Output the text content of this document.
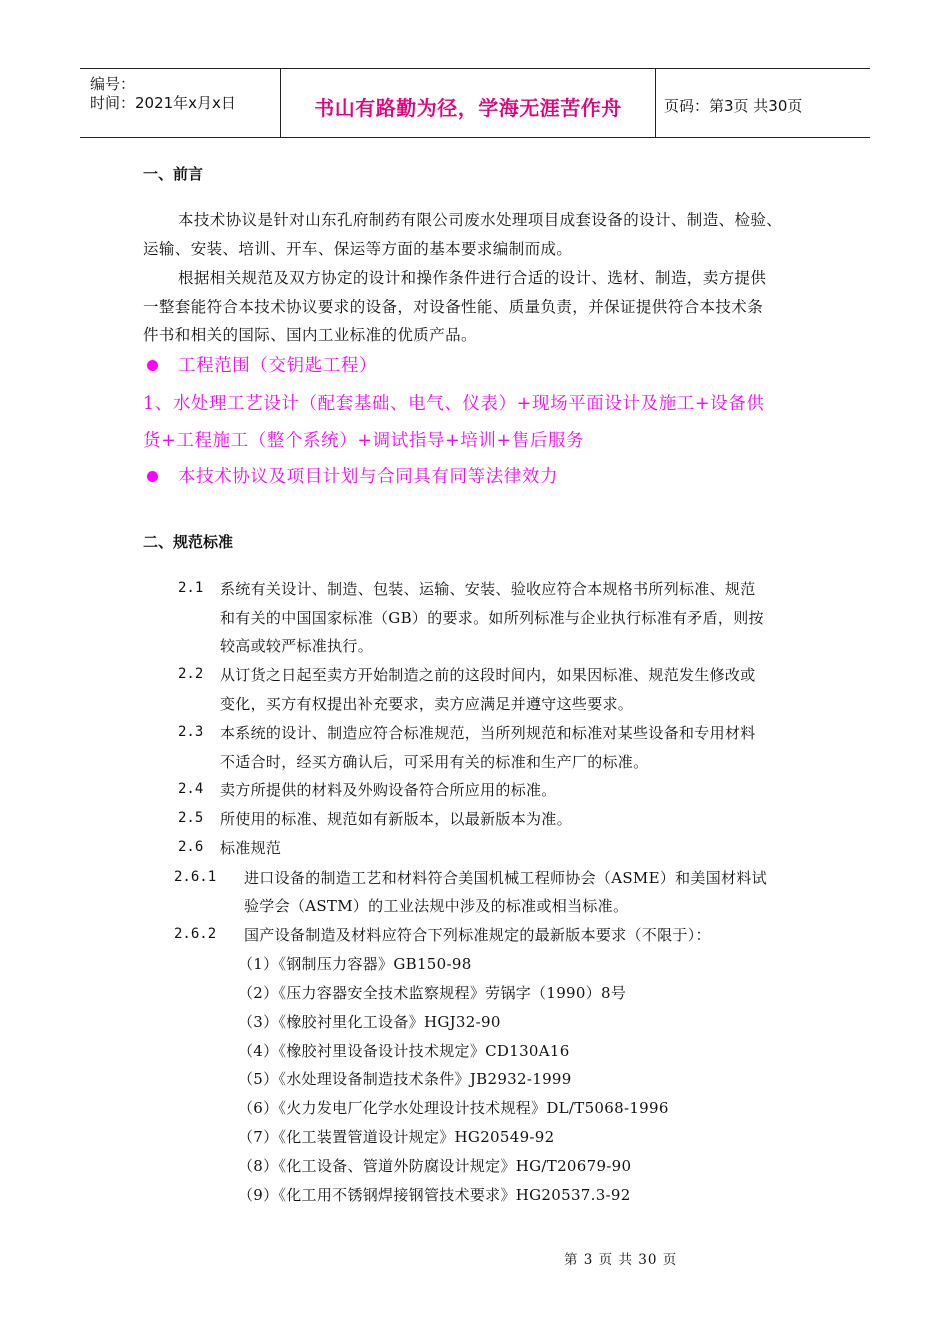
编号：
时间：2021年x月x日	书山有路勤为径，学海无涯苦作舟	页码：第3页 共30页
一、前言
本技术协议是针对山东孔府制药有限公司废水处理项目成套设备的设计、制造、检验、
运输、安装、培训、开车、保运等方面的基本要求编制而成。
根据相关规范及双方协定的设计和操作条件进行合适的设计、选材、制造，卖方提供
一整套能符合本技术协议要求的设备，对设备性能、质量负责，并保证提供符合本技术条
件书和相关的国际、国内工业标准的优质产品。
工程范围（交钥匙工程）
1、水处理工艺设计（配套基础、电气、仪表）+现场平面设计及施工+设备供
货+工程施工（整个系统）+调试指导+培训+售后服务
本技术协议及项目计划与合同具有同等法律效力
二、规范标准
2.1 系统有关设计、制造、包装、运输、安装、验收应符合本规格书所列标准、规范
和有关的中国国家标准（GB）的要求。如所列标准与企业执行标准有矛盾，则按
较高或较严标准执行。
2.2 从订货之日起至卖方开始制造之前的这段时间内，如果因标准、规范发生修改或
变化，买方有权提出补充要求，卖方应满足并遵守这些要求。
2.3 本系统的设计、制造应符合标准规范，当所列规范和标准对某些设备和专用材料
不适合时，经买方确认后，可采用有关的标准和生产厂的标准。
2.4 卖方所提供的材料及外购设备符合所应用的标准。
2.5 所使用的标准、规范如有新版本，以最新版本为准。
2.6 标准规范
2.6.1 进口设备的制造工艺和材料符合美国机械工程师协会（ASME）和美国材料试
验学会（ASTM）的工业法规中涉及的标准或相当标准。
2.6.2 国产设备制造及材料应符合下列标准规定的最新版本要求（不限于）：
（1）《钢制压力容器》GB150-98
（2）《压力容器安全技术监察规程》劳锅字（1990）8号
（3）《橡胶衬里化工设备》HGJ32-90
（4）《橡胶衬里设备设计技术规定》CD130A16
（5）《水处理设备制造技术条件》JB2932-1999
（6）《火力发电厂化学水处理设计技术规程》DL/T5068-1996
（7）《化工装置管道设计规定》HG20549-92
（8）《化工设备、管道外防腐设计规定》HG/T20679-90
（9）《化工用不锈钢焊接钢管技术要求》HG20537.3-92
第 3 页 共 30 页
